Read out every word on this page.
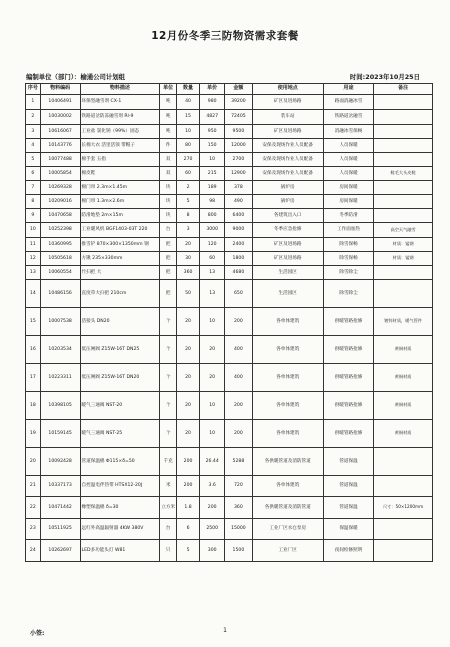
12月份冬季三防物资需求套餐
编制单位（部门）：榆通公司计划组	时间:2023年10月25日
序号	物料编码	物料描述	单位	数量	单价	金额	使用地点	用途	备注
1	10406491	环保型融雪剂 CX-1	吨	40	980	39200	矿区及进场路	路面消融冰雪	
2	10030002	铁路道岔防冻融雪剂 Rl-9	吨	15	4827	72405	装车站	铁路道岔融雪	
3	10616067	工业盐 氯化钠（99%）固态	吨	10	950	9500	矿区及进场路	消融冰雪保畅	
4	10143776	长棉大衣 活里活领 带帽子	件	80	150	12000	安保及现场作业人员配备	人员保暖	
5	10077488	棉手套 五指	双	270	10	2700	安保及现场作业人员配备	人员保暖	
6	10005854	棉皮鞋	双	60	215	12900	安保及现场作业人员配备	人员保暖	鞋毛大头皮鞋
7	10269328	棉门帘 2.3m×1.45m	块	2	189	378	锅炉房	房间保暖	
8	10209016	棉门帘 1.3m×2.6m	块	5	98	490	锅炉房	房间保暖	
9	10470658	防滑地垫 2m×15m	块	8	800	6400	各建筑出入口	冬季防滑	
10	10252398	工业暖风机 BGF1403-03T 220	台	3	3000	9000	冬季应急抢修	工作面加热	高空天气融雪
11	10360995	推雪铲 870×300×1350mm 钢	把	20	120	2400	矿区及进场路	除雪保畅	材质：锰钢
12	10505618	方锹 235×330mm	把	30	60	1800	矿区及进场路	除雪保畅	材质：锰钢
13	10060554	竹扫把 大	把	360	13	4680	生活园区	除雪除尘	
14	10486156	直度草大扫把 210cm	把	50	13	650	生活园区	除雪除尘	
15	10007538	活接头 DN20	个	20	10	200	各单体建筑	供暖管路抢修	镀锌材质，暖气管件
16	10203534	低压闸阀 Z15W-16T DN25	个	20	20	400	各单体建筑	供暖管路抢修	黄铜材质
17	10223311	低压闸阀 Z15W-16T DN20	个	20	20	400	各单体建筑	供暖管路抢修	黄铜材质
18	10398105	暖气三通阀 NST-20	个	20	10	200	各单体建筑	供暖管路抢修	黄铜材质
19	10159145	暖气三通阀 NST-25	个	20	10	200	各单体建筑	供暖管路抢修	黄铜材质
20	10092428	管道保温棉 Φ115×δ=50	千克	200	26.44	5288	各供暖管道及消防管道	管道保温	
21	10337173	自控温电伴热带 HTSX12-20J	米	200	3.6	720	各单体建筑	管道保温	
22	10471442	橡塑保温棉 δ=30	立方米	1.8	200	360	各供暖管道及消防管道	管道保温	尺寸：50×1200mm
23	10511925	远红外高温辐射器 4KW 380V	台	6	2500	15000	工业厂区水仓泵房	保温保暖	
24	10262697	LED多功能头灯 W81	只	5	300	1500	工业厂区	夜间检修照明	
小签:	1
